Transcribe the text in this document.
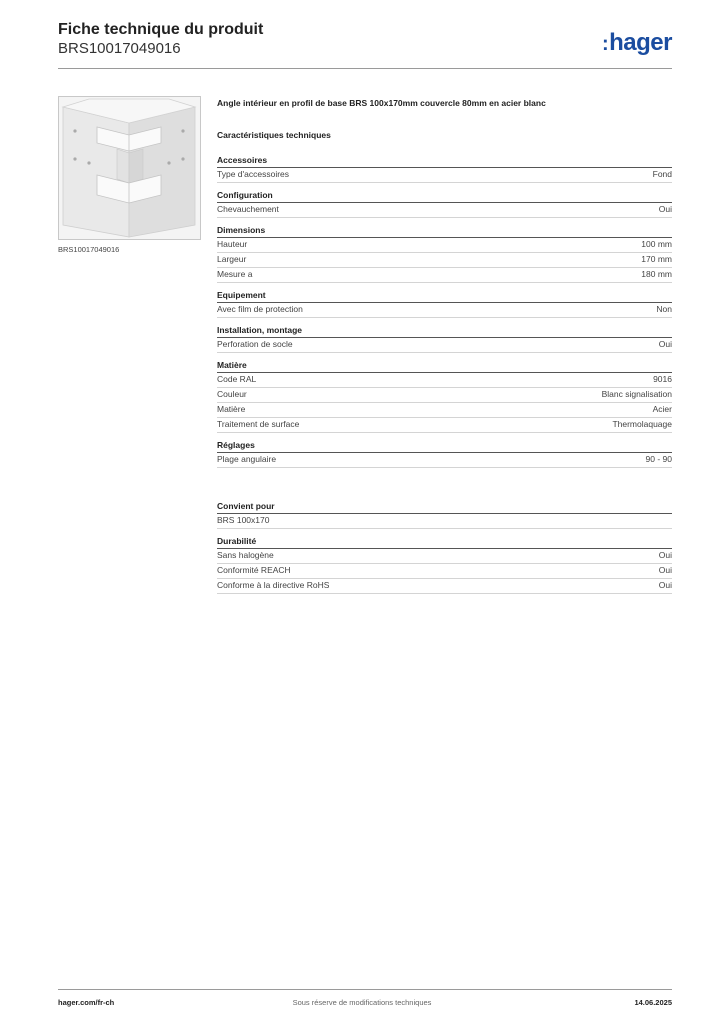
Fiche technique du produit
BRS10017049016	:hager
BRS10017049016
Angle intérieur en profil de base BRS 100x170mm couvercle 80mm en acier blanc
Caractéristiques techniques
Accessoires
Type d'accessoires	Fond
Configuration
Chevauchement	Oui
Dimensions
Hauteur	100 mm
Largeur	170 mm
Mesure a	180 mm
Equipement
Avec film de protection	Non
Installation, montage
Perforation de socle	Oui
Matière
Code RAL	9016
Couleur	Blanc signalisation
Matière	Acier
Traitement de surface	Thermolaquage
Réglages
Plage angulaire	90 - 90
Convient pour
BRS 100x170
Durabilité
Sans halogène	Oui
Conformité REACH	Oui
Conforme à la directive RoHS	Oui
hager.com/fr-ch	Sous réserve de modifications techniques	14.06.2025
